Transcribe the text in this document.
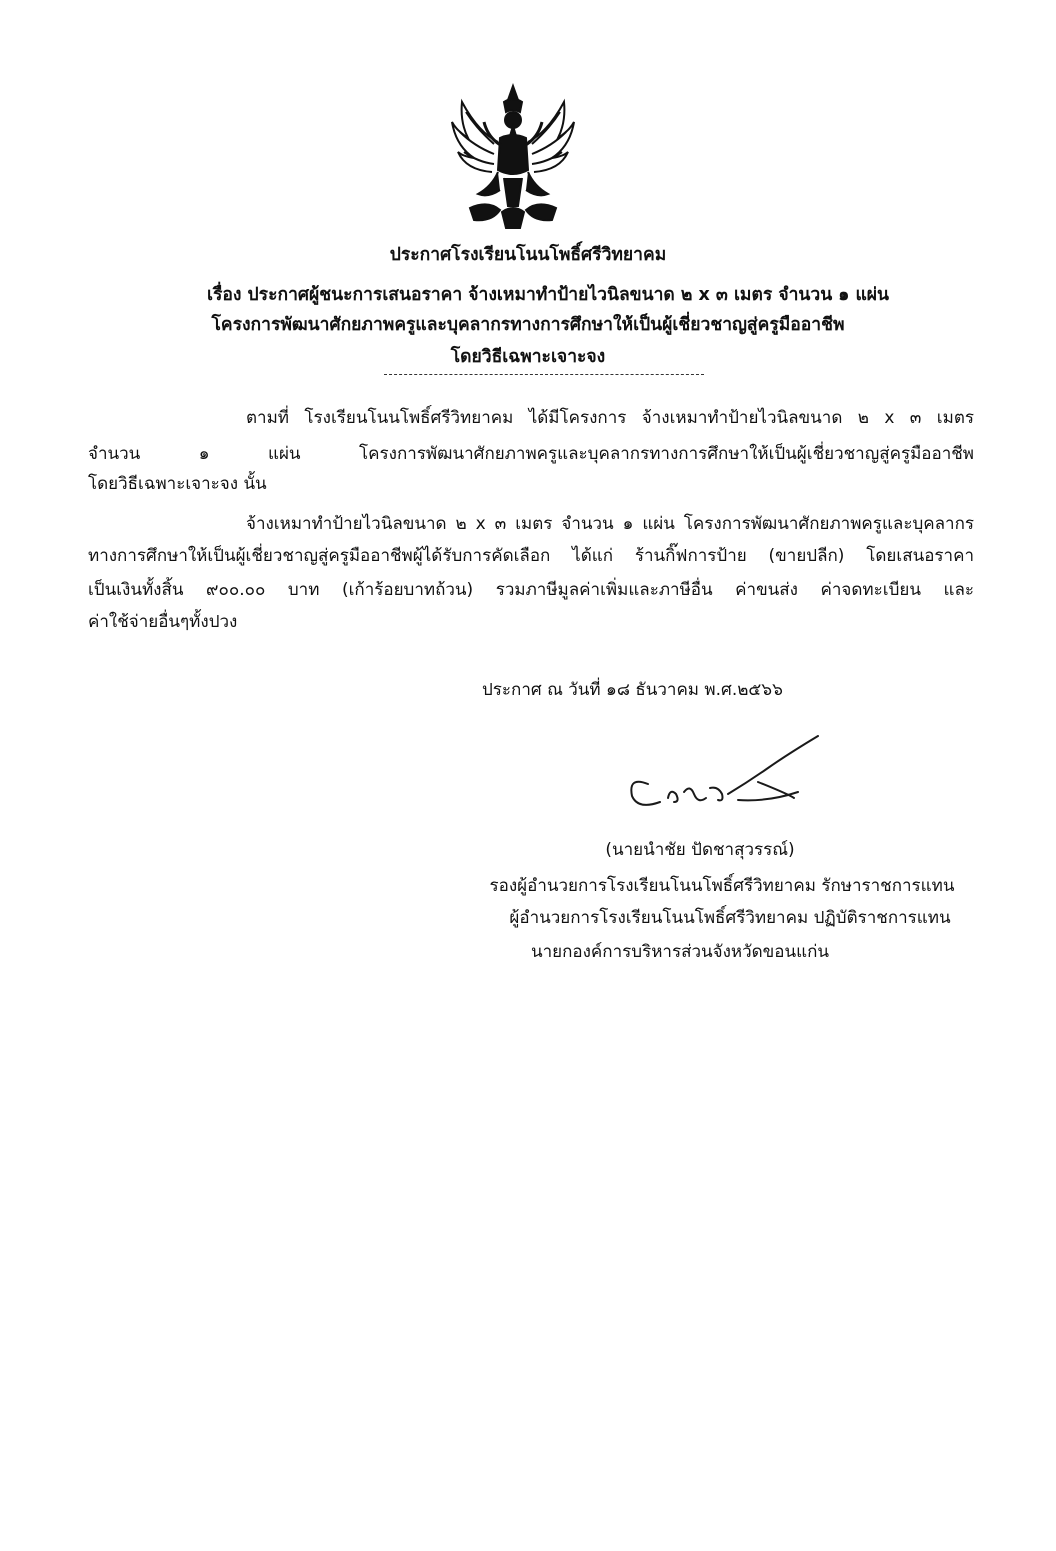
ประกาศโรงเรียนโนนโพธิ์ศรีวิทยาคม
เรื่อง ประกาศผู้ชนะการเสนอราคา จ้างเหมาทำป้ายไวนิลขนาด ๒ x ๓ เมตร จำนวน ๑ แผ่น
โครงการพัฒนาศักยภาพครูและบุคลากรทางการศึกษาให้เป็นผู้เชี่ยวชาญสู่ครูมืออาชีพ
โดยวิธีเฉพาะเจาะจง
ตามที่ โรงเรียนโนนโพธิ์ศรีวิทยาคม ได้มีโครงการ จ้างเหมาทำป้ายไวนิลขนาด ๒ x ๓ เมตร
จำนวน ๑ แผ่น โครงการพัฒนาศักยภาพครูและบุคลากรทางการศึกษาให้เป็นผู้เชี่ยวชาญสู่ครูมืออาชีพ
โดยวิธีเฉพาะเจาะจง นั้น
จ้างเหมาทำป้ายไวนิลขนาด ๒ x ๓ เมตร จำนวน ๑ แผ่น โครงการพัฒนาศักยภาพครูและบุคลากร
ทางการศึกษาให้เป็นผู้เชี่ยวชาญสู่ครูมืออาชีพผู้ได้รับการคัดเลือก ได้แก่ ร้านกิ๊ฟการป้าย (ขายปลีก) โดยเสนอราคา
เป็นเงินทั้งสิ้น ๙๐๐.๐๐ บาท (เก้าร้อยบาทถ้วน) รวมภาษีมูลค่าเพิ่มและภาษีอื่น ค่าขนส่ง ค่าจดทะเบียน และ
ค่าใช้จ่ายอื่นๆทั้งปวง
ประกาศ ณ วันที่ ๑๘ ธันวาคม พ.ศ.๒๕๖๖
(นายนำชัย ปัดชาสุวรรณ์)
รองผู้อำนวยการโรงเรียนโนนโพธิ์ศรีวิทยาคม รักษาราชการแทน
ผู้อำนวยการโรงเรียนโนนโพธิ์ศรีวิทยาคม ปฏิบัติราชการแทน
นายกองค์การบริหารส่วนจังหวัดขอนแก่น
